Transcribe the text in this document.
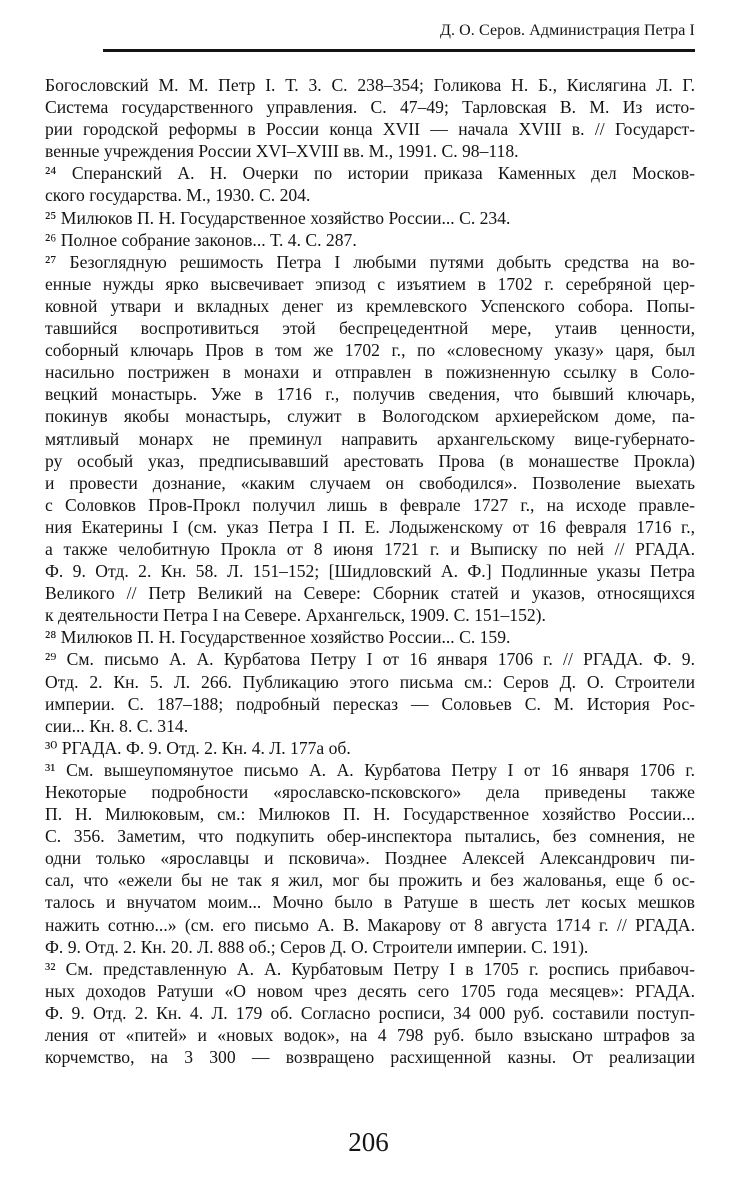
Д. О. Серов. Администрация Петра I
Богословский М. М. Петр I. Т. 3. С. 238–354; Голикова Н. Б., Кислягина Л. Г.
Система государственного управления. С. 47–49; Тарловская В. М. Из исто-
рии городской реформы в России конца XVII — начала XVIII в. // Государст-
венные учреждения России XVI–XVIII вв. М., 1991. С. 98–118.
²⁴ Сперанский А. Н. Очерки по истории приказа Каменных дел Москов-
ского государства. М., 1930. С. 204.
²⁵ Милюков П. Н. Государственное хозяйство России... С. 234.
²⁶ Полное собрание законов... Т. 4. С. 287.
²⁷ Безоглядную решимость Петра I любыми путями добыть средства на во-
енные нужды ярко высвечивает эпизод с изъятием в 1702 г. серебряной цер-
ковной утвари и вкладных денег из кремлевского Успенского собора. Попы-
тавшийся воспротивиться этой беспрецедентной мере, утаив ценности,
соборный ключарь Пров в том же 1702 г., по «словесному указу» царя, был
насильно пострижен в монахи и отправлен в пожизненную ссылку в Соло-
вецкий монастырь. Уже в 1716 г., получив сведения, что бывший ключарь,
покинув якобы монастырь, служит в Вологодском архиерейском доме, па-
мятливый монарх не преминул направить архангельскому вице-губернато-
ру особый указ, предписывавший арестовать Прова (в монашестве Прокла)
и провести дознание, «каким случаем он свободился». Позволение выехать
с Соловков Пров-Прокл получил лишь в феврале 1727 г., на исходе правле-
ния Екатерины I (см. указ Петра I П. Е. Лодыженскому от 16 февраля 1716 г.,
а также челобитную Прокла от 8 июня 1721 г. и Выписку по ней // РГАДА.
Ф. 9. Отд. 2. Кн. 58. Л. 151–152; [Шидловский А. Ф.] Подлинные указы Петра
Великого // Петр Великий на Севере: Сборник статей и указов, относящихся
к деятельности Петра I на Севере. Архангельск, 1909. С. 151–152).
²⁸ Милюков П. Н. Государственное хозяйство России... С. 159.
²⁹ См. письмо А. А. Курбатова Петру I от 16 января 1706 г. // РГАДА. Ф. 9.
Отд. 2. Кн. 5. Л. 266. Публикацию этого письма см.: Серов Д. О. Строители
империи. С. 187–188; подробный пересказ — Соловьев С. М. История Рос-
сии... Кн. 8. С. 314.
³⁰ РГАДА. Ф. 9. Отд. 2. Кн. 4. Л. 177а об.
³¹ См. вышеупомянутое письмо А. А. Курбатова Петру I от 16 января 1706 г.
Некоторые подробности «ярославско-псковского» дела приведены также
П. Н. Милюковым, см.: Милюков П. Н. Государственное хозяйство России...
С. 356. Заметим, что подкупить обер-инспектора пытались, без сомнения, не
одни только «ярославцы и псковича». Позднее Алексей Александрович пи-
сал, что «ежели бы не так я жил, мог бы прожить и без жалованья, еще б ос-
талось и внучатом моим... Мочно было в Ратуше в шесть лет косых мешков
нажить сотню...» (см. его письмо А. В. Макарову от 8 августа 1714 г. // РГАДА.
Ф. 9. Отд. 2. Кн. 20. Л. 888 об.; Серов Д. О. Строители империи. С. 191).
³² См. представленную А. А. Курбатовым Петру I в 1705 г. роспись прибавоч-
ных доходов Ратуши «О новом чрез десять сего 1705 года месяцев»: РГАДА.
Ф. 9. Отд. 2. Кн. 4. Л. 179 об. Согласно росписи, 34 000 руб. составили поступ-
ления от «питей» и «новых водок», на 4 798 руб. было взыскано штрафов за
корчемство, на 3 300 — возвращено расхищенной казны. От реализации
206
